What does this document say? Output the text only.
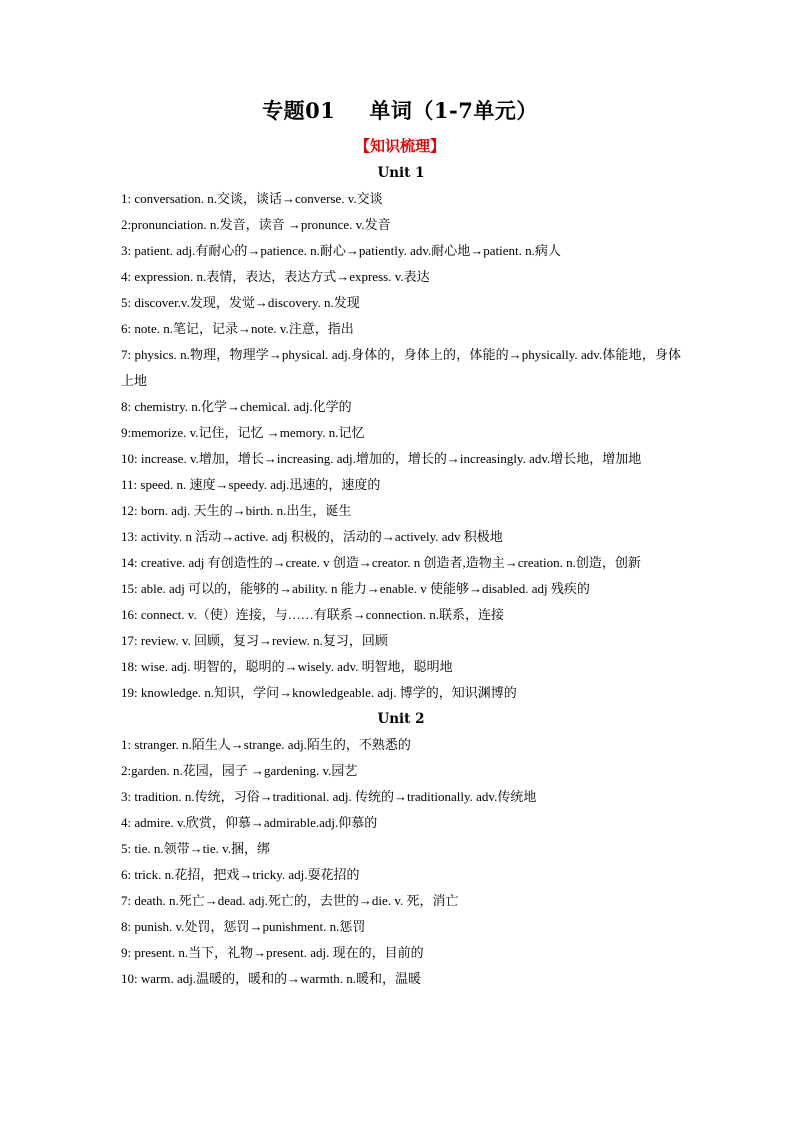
专题01 单词（1-7单元）
【知识梳理】
Unit 1
1: conversation. n.交谈，谈话→converse. v.交谈
2:pronunciation. n.发音，读音 →pronunce. v.发音
3: patient. adj.有耐心的→patience. n.耐心→patiently. adv.耐心地→patient. n.病人
4: expression. n.表情，表达，表达方式→express. v.表达
5: discover.v.发现，发觉→discovery. n.发现
6: note. n.笔记，记录→note. v.注意，指出
7: physics. n.物理，物理学→physical. adj.身体的，身体上的，体能的→physically. adv.体能地，身体上地
8: chemistry. n.化学→chemical. adj.化学的
9:memorize. v.记住，记忆 →memory. n.记忆
10: increase. v.增加，增长→increasing. adj.增加的，增长的→increasingly. adv.增长地，增加地
11: speed. n. 速度→speedy. adj.迅速的，速度的
12: born. adj. 天生的→birth. n.出生，诞生
13: activity. n 活动→active. adj 积极的，活动的→actively. adv 积极地
14: creative. adj 有创造性的→create. v 创造→creator. n 创造者,造物主→creation. n.创造，创新
15: able. adj 可以的，能够的→ability. n 能力→enable. v 使能够→disabled. adj 残疾的
16: connect. v.（使）连接，与……有联系→connection. n.联系，连接
17: review. v. 回顾，复习→review. n.复习，回顾
18: wise. adj. 明智的，聪明的→wisely. adv. 明智地，聪明地
19: knowledge. n.知识，学问→knowledgeable. adj. 博学的，知识渊博的
Unit 2
1: stranger. n.陌生人→strange. adj.陌生的，不熟悉的
2:garden. n.花园，园子 →gardening. v.园艺
3: tradition. n.传统，习俗→traditional. adj. 传统的→traditionally. adv.传统地
4: admire. v.欣赏，仰慕→admirable.adj.仰慕的
5: tie. n.领带→tie. v.捆，绑
6: trick. n.花招，把戏→tricky. adj.耍花招的
7: death. n.死亡→dead. adj.死亡的，去世的→die. v. 死，消亡
8: punish. v.处罚，惩罚→punishment. n.惩罚
9: present. n.当下，礼物→present. adj. 现在的，目前的
10: warm. adj.温暖的，暖和的→warmth. n.暖和，温暖
